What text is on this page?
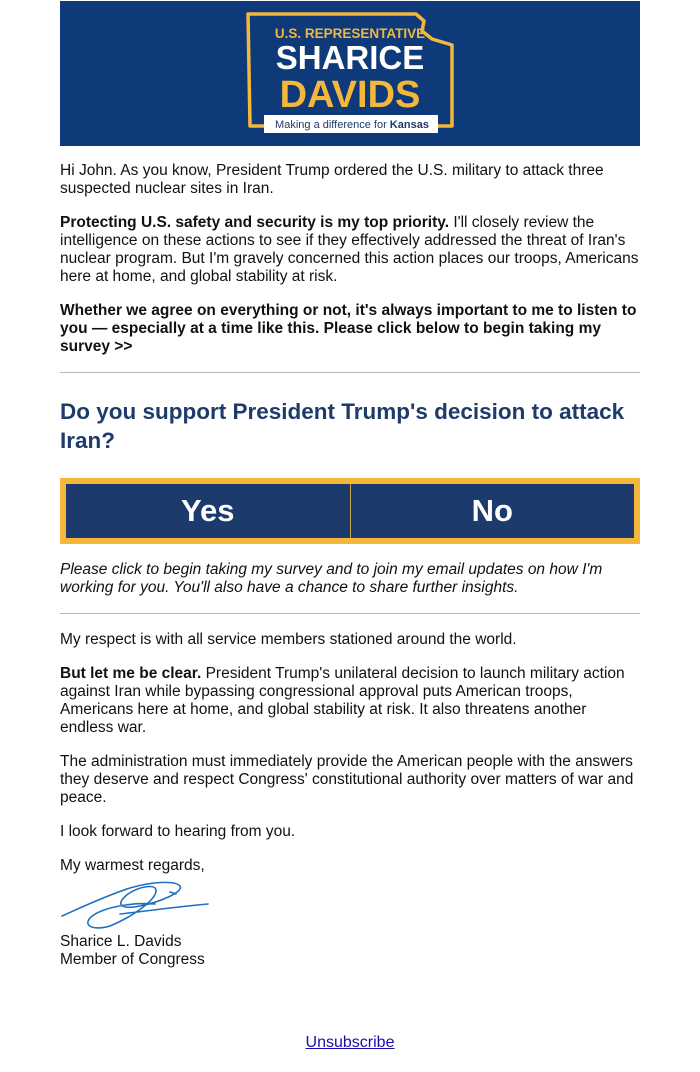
U.S. REPRESENTATIVE
SHARICE
DAVIDS
Making a difference for Kansas

Hi John. As you know, President Trump ordered the U.S. military to attack three suspected nuclear sites in Iran.

Protecting U.S. safety and security is my top priority. I'll closely review the intelligence on these actions to see if they effectively addressed the threat of Iran's nuclear program. But I'm gravely concerned this action places our troops, Americans here at home, and global stability at risk.

Whether we agree on everything or not, it's always important to me to listen to you — especially at a time like this. Please click below to begin taking my survey >>

Do you support President Trump's decision to attack Iran?
Yes	No

Please click to begin taking my survey and to join my email updates on how I'm working for you. You'll also have a chance to share further insights.

My respect is with all service members stationed around the world.

But let me be clear. President Trump's unilateral decision to launch military action against Iran while bypassing congressional approval puts American troops, Americans here at home, and global stability at risk. It also threatens another endless war.

The administration must immediately provide the American people with the answers they deserve and respect Congress' constitutional authority over matters of war and peace.

I look forward to hearing from you.

My warmest regards,

Sharice L. Davids

Member of Congress

Unsubscribe
